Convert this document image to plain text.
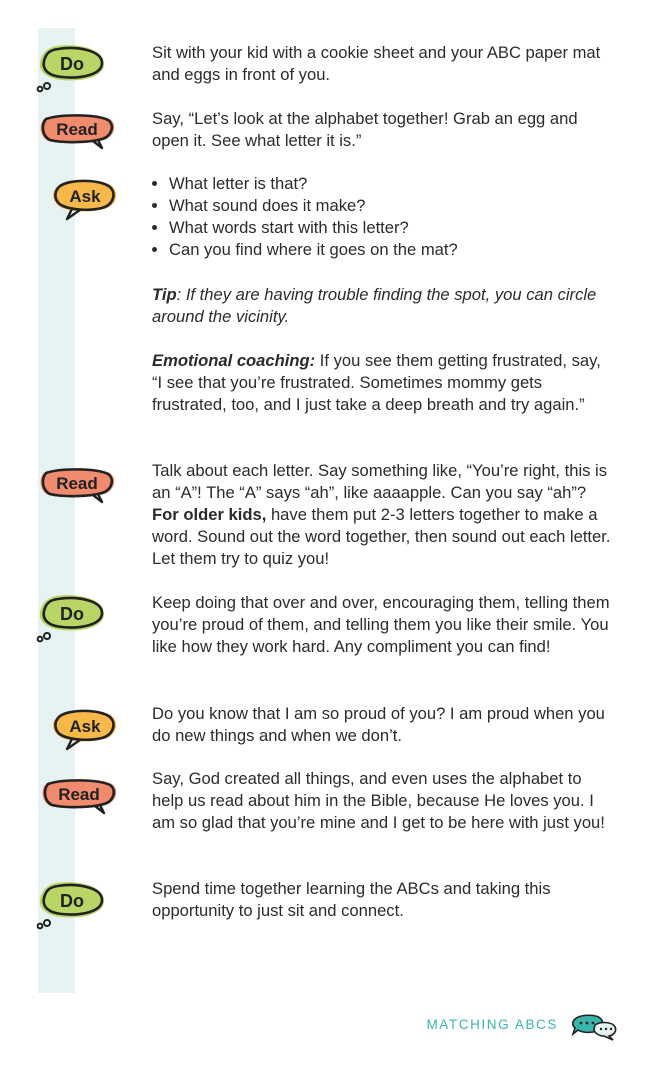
Do

Sit with your kid with a cookie sheet and your ABC paper mat and eggs in front of you.

Read

Say, “Let’s look at the alphabet together! Grab an egg and open it. See what letter it is.”

Ask
• What letter is that?
• What sound does it make?
• What words start with this letter?
• Can you find where it goes on the mat?

Tip: If they are having trouble finding the spot, you can circle around the vicinity.

Emotional coaching: If you see them getting frustrated, say, “I see that you’re frustrated. Sometimes mommy gets frustrated, too, and I just take a deep breath and try again.”

Read

Talk about each letter. Say something like, “You’re right, this is an “A”! The “A” says “ah”, like aaaapple. Can you say “ah”? For older kids, have them put 2-3 letters together to make a word. Sound out the word together, then sound out each letter. Let them try to quiz you!

Do

Keep doing that over and over, encouraging them, telling them you’re proud of them, and telling them you like their smile. You like how they work hard. Any compliment you can find!

Ask

Do you know that I am so proud of you? I am proud when you do new things and when we don’t.

Read

Say, God created all things, and even uses the alphabet to help us read about him in the Bible, because He loves you. I am so glad that you’re mine and I get to be here with just you!

Do

Spend time together learning the ABCs and taking this opportunity to just sit and connect.

MATCHING ABCS
